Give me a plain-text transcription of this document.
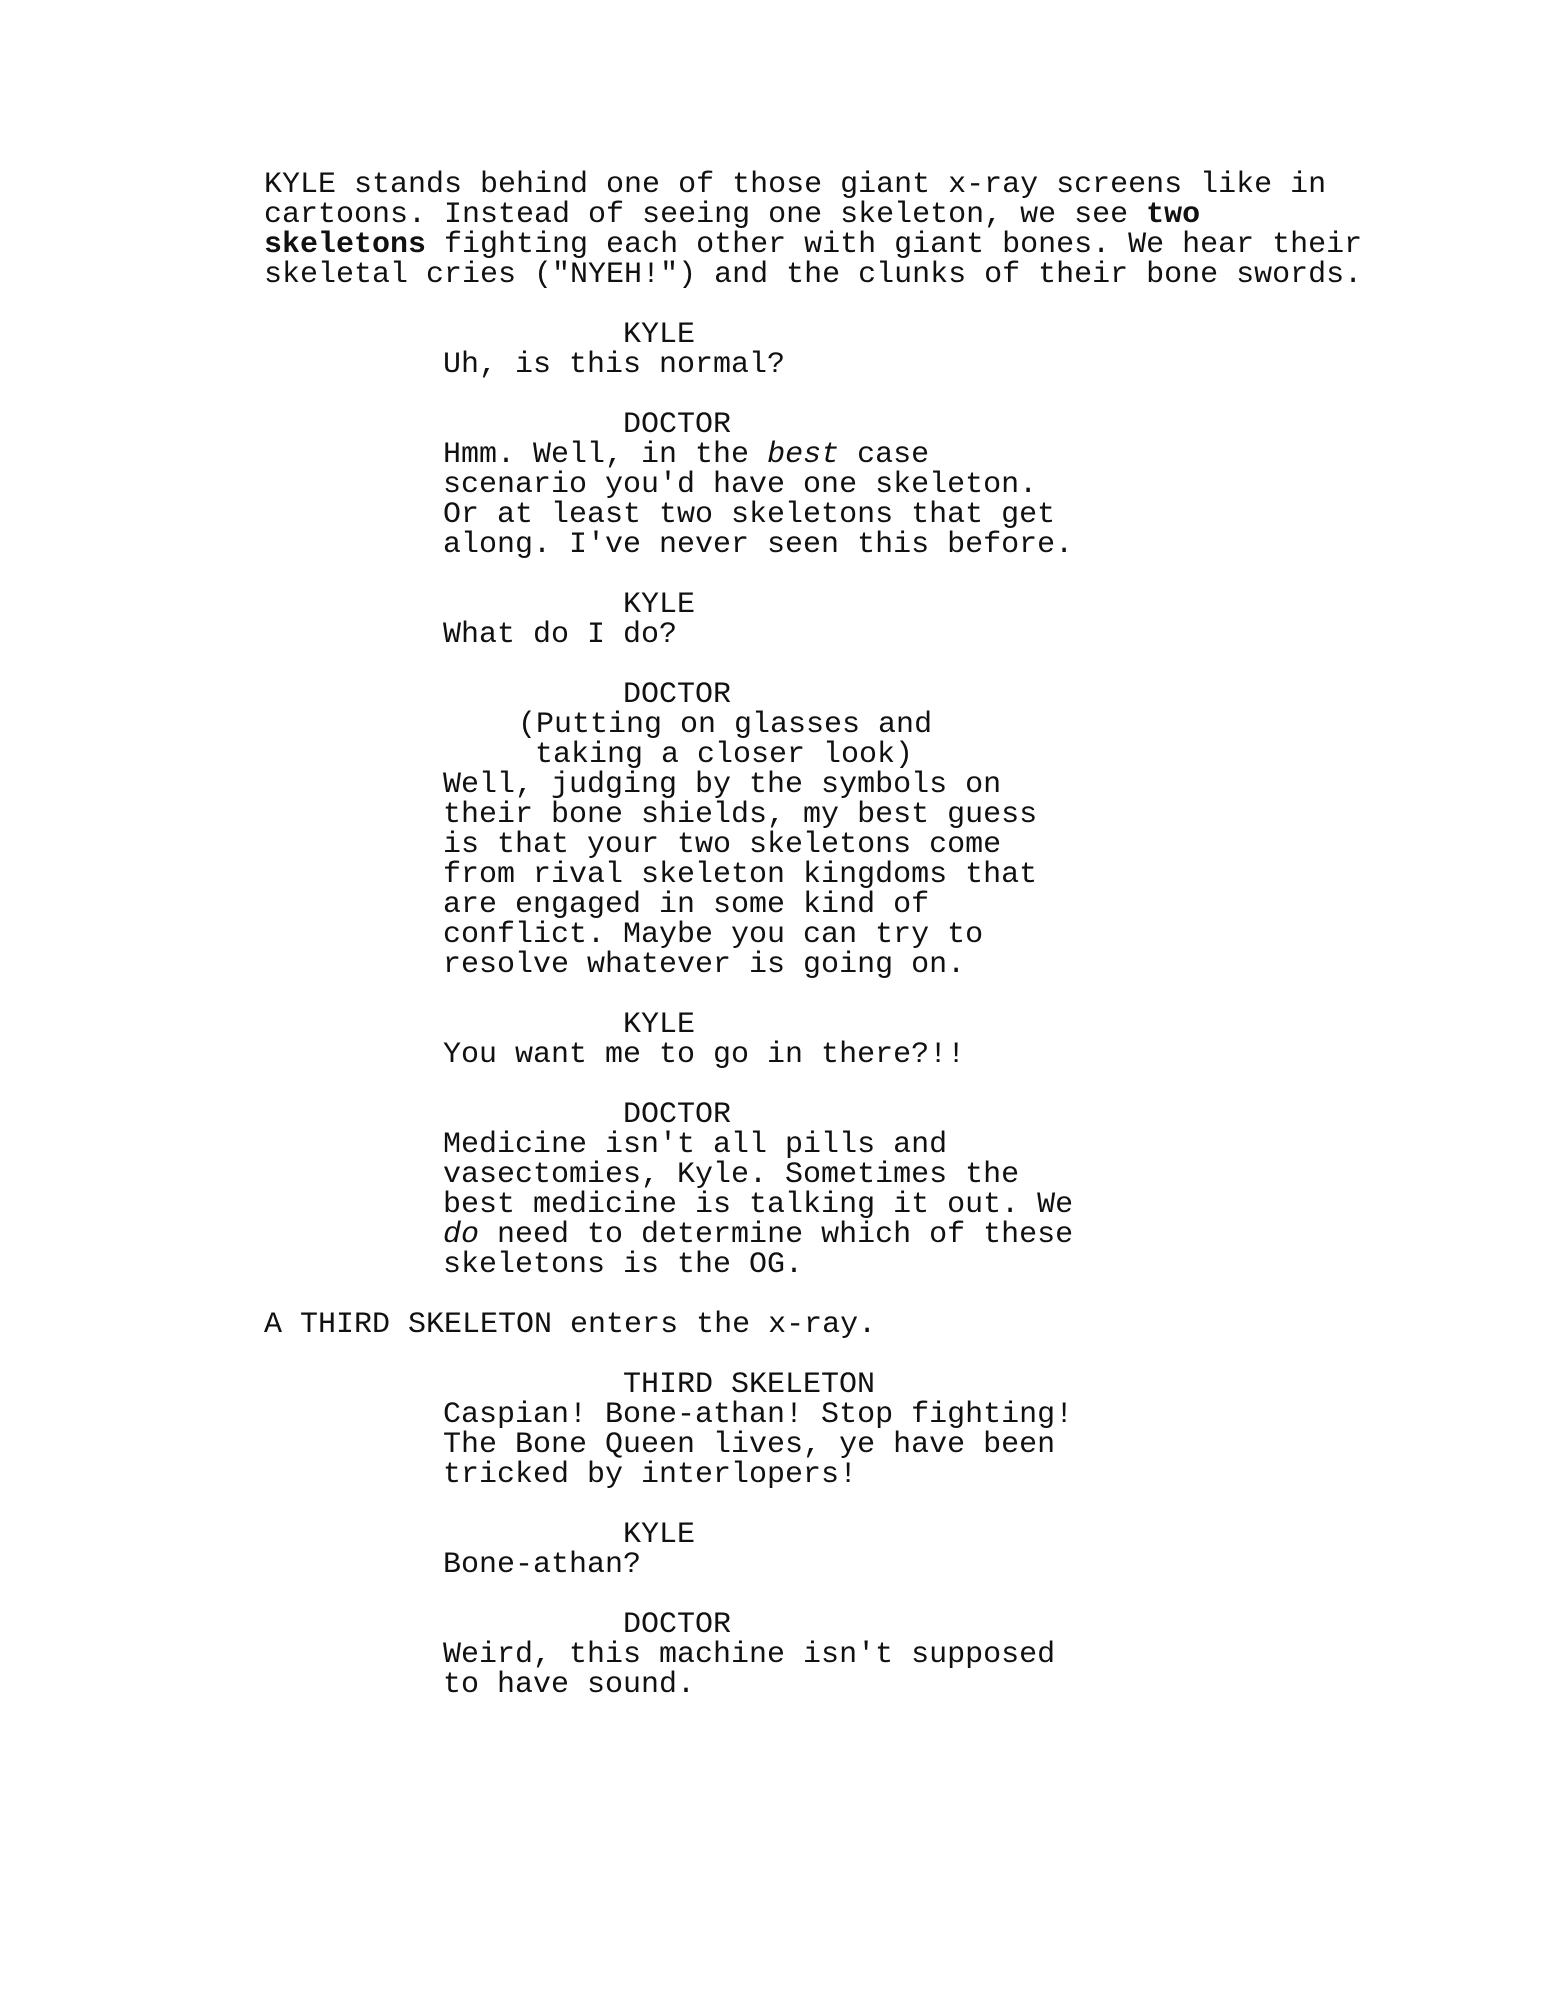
KYLE stands behind one of those giant x-ray screens like in
cartoons. Instead of seeing one skeleton, we see two
skeletons fighting each other with giant bones. We hear their
skeletal cries ("NYEH!") and the clunks of their bone swords.
KYLE
Uh, is this normal?
DOCTOR
Hmm. Well, in the best case
scenario you'd have one skeleton.
Or at least two skeletons that get
along. I've never seen this before.
KYLE
What do I do?
DOCTOR
(Putting on glasses and
taking a closer look)
Well, judging by the symbols on
their bone shields, my best guess
is that your two skeletons come
from rival skeleton kingdoms that
are engaged in some kind of
conflict. Maybe you can try to
resolve whatever is going on.
KYLE
You want me to go in there?!!
DOCTOR
Medicine isn't all pills and
vasectomies, Kyle. Sometimes the
best medicine is talking it out. We
do need to determine which of these
skeletons is the OG.
A THIRD SKELETON enters the x-ray.
THIRD SKELETON
Caspian! Bone-athan! Stop fighting!
The Bone Queen lives, ye have been
tricked by interlopers!
KYLE
Bone-athan?
DOCTOR
Weird, this machine isn't supposed
to have sound.
